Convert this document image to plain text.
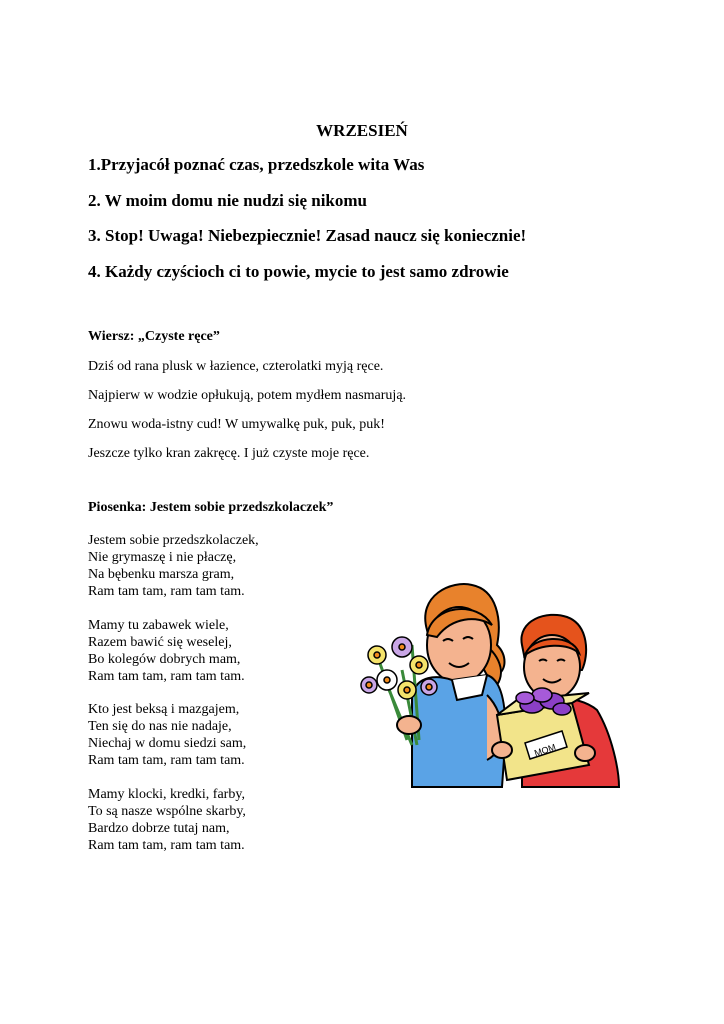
WRZESIEŃ
1.Przyjacół poznać czas, przedszkole wita Was
2. W moim domu nie nudzi się nikomu
3. Stop! Uwaga! Niebezpiecznie! Zasad naucz się koniecznie!
4. Każdy czyścioch ci to powie, mycie to jest samo zdrowie
Wiersz: „Czyste ręce”
Dziś od rana plusk w łazience, czterolatki myją ręce.
Najpierw w wodzie opłukują, potem mydłem nasmarują.
Znowu woda-istny cud! W umywalkę puk, puk, puk!
Jeszcze tylko kran zakręcę. I już czyste moje ręce.
Piosenka: Jestem sobie przedszkolaczek”
Jestem sobie przedszkolaczek,
Nie grymaszę i nie płaczę,
Na bębenku marsza gram,
Ram tam tam, ram tam tam.
Mamy tu zabawek wiele,
Razem bawić się weselej,
Bo kolegów dobrych mam,
Ram tam tam, ram tam tam.
Kto jest beksą i mazgajem,
Ten się do nas nie nadaje,
Niechaj w domu siedzi sam,
Ram tam tam, ram tam tam.
Mamy klocki, kredki, farby,
To są nasze wspólne skarby,
Bardzo dobrze tutaj nam,
Ram tam tam, ram tam tam.
MOM
